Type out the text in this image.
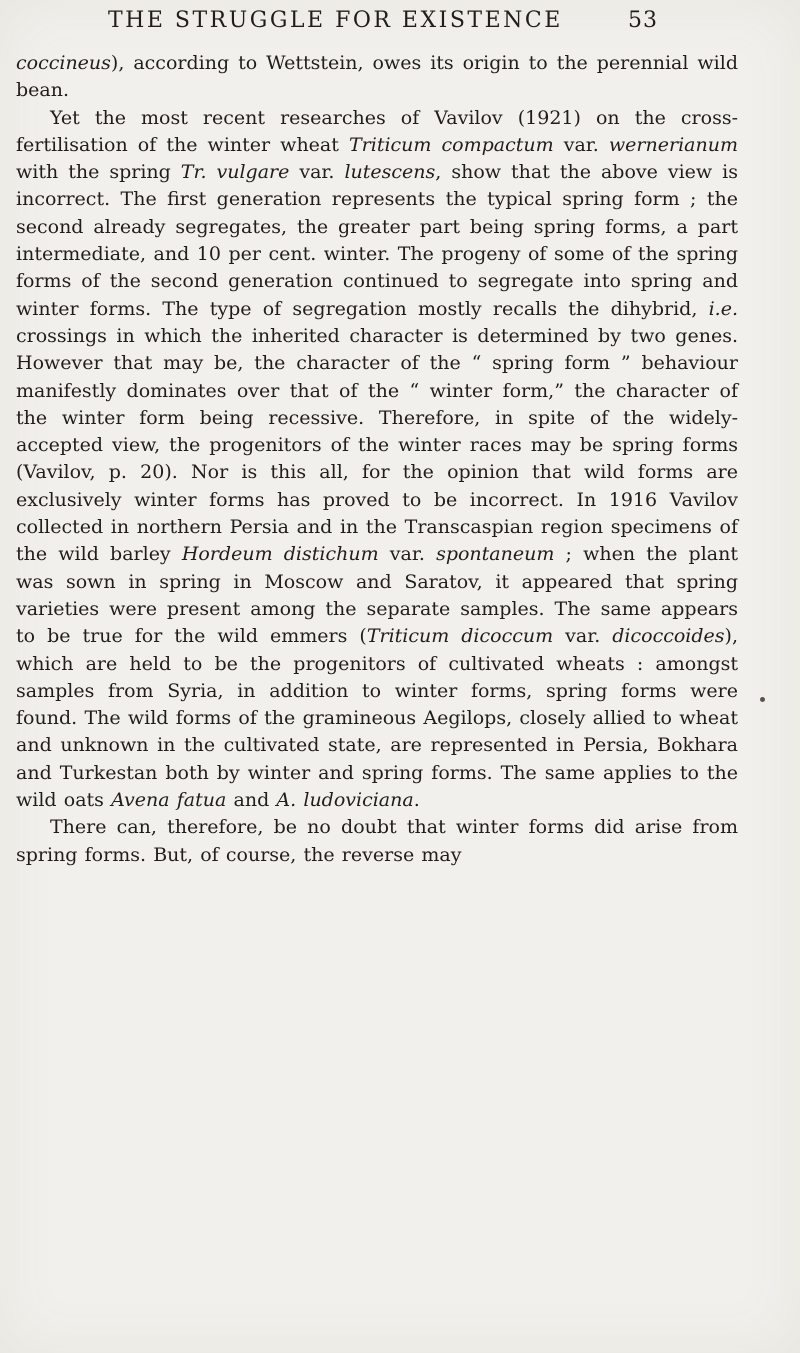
THE STRUGGLE FOR EXISTENCE	53

coccineus), according to Wettstein, owes its origin to the perennial wild bean.

Yet the most recent researches of Vavilov (1921) on the cross-fertilisation of the winter wheat Triticum compactum var. wernerianum with the spring Tr. vulgare var. lutescens, show that the above view is incorrect. The first generation represents the typical spring form ; the second already segregates, the greater part being spring forms, a part intermediate, and 10 per cent. winter. The progeny of some of the spring forms of the second generation continued to segregate into spring and winter forms. The type of segregation mostly recalls the dihybrid, i.e. crossings in which the inherited character is determined by two genes. However that may be, the character of the “ spring form ” behaviour manifestly dominates over that of the “ winter form,” the character of the winter form being recessive. Therefore, in spite of the widely-accepted view, the progenitors of the winter races may be spring forms (Vavilov, p. 20). Nor is this all, for the opinion that wild forms are exclusively winter forms has proved to be incorrect. In 1916 Vavilov collected in northern Persia and in the Transcaspian region specimens of the wild barley Hordeum distichum var. spontaneum ; when the plant was sown in spring in Moscow and Saratov, it appeared that spring varieties were present among the separate samples. The same appears to be true for the wild emmers (Triticum dicoccum var. dicoccoides), which are held to be the progenitors of cultivated wheats : amongst samples from Syria, in addition to winter forms, spring forms were found. The wild forms of the gramineous Aegilops, closely allied to wheat and unknown in the cultivated state, are represented in Persia, Bokhara and Turkestan both by winter and spring forms. The same applies to the wild oats Avena fatua and A. ludoviciana.

There can, therefore, be no doubt that winter forms did arise from spring forms. But, of course, the reverse may
